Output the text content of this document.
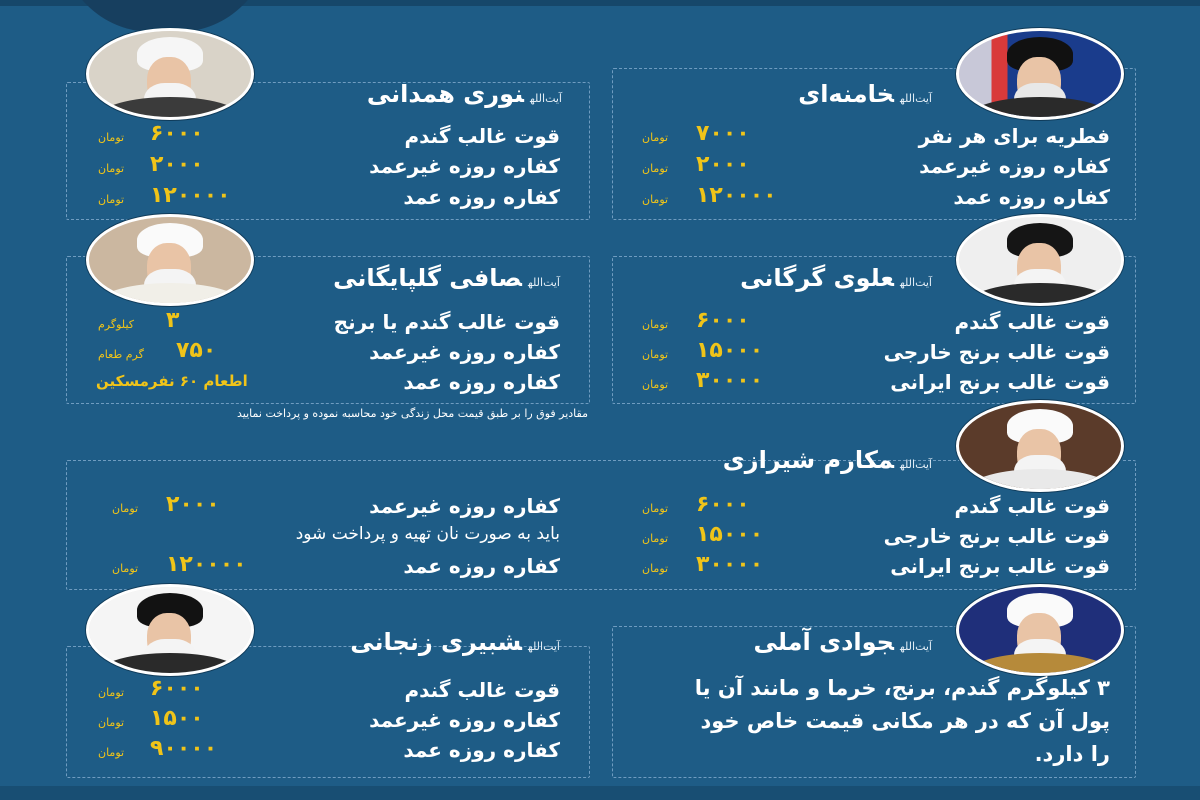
آیت‌اللهخامنه‌ای
فطریه برای هر نفر
کفاره روزه غیرعمد
کفاره روزه عمد
۷۰۰۰
۲۰۰۰
۱۲۰۰۰۰
تومان
تومان
تومان
آیت‌اللهنوری همدانی
قوت غالب گندم
کفاره روزه غیرعمد
کفاره روزه عمد
۶۰۰۰
۲۰۰۰
۱۲۰۰۰۰
تومان
تومان
تومان
آیت‌اللهعلوی گرگانی
قوت غالب گندم
قوت غالب برنج خارجی
قوت غالب برنج ایرانی
۶۰۰۰
۱۵۰۰۰
۳۰۰۰۰
تومان
تومان
تومان
آیت‌اللهصافی گلپایگانی
قوت غالب گندم یا برنج
کفاره روزه غیرعمد
کفاره روزه عمد
۳
کیلوگرم
۷۵۰
گرم طعام
اطعام ۶۰ نفرمسکین
مقادیر فوق را بر طبق قیمت محل زندگی خود محاسبه نموده و پرداخت نمایید
آیت‌اللهمکارم شیرازی
قوت غالب گندم
قوت غالب برنج خارجی
قوت غالب برنج ایرانی
۶۰۰۰
۱۵۰۰۰
۳۰۰۰۰
تومان
تومان
تومان
کفاره روزه غیرعمد
باید به صورت نان تهیه و پرداخت شود
کفاره روزه عمد
۲۰۰۰
۱۲۰۰۰۰
تومان
تومان
آیت‌اللهجوادی آملی
۳ کیلوگرم گندم، برنج، خرما و مانند آن یا پول آن که در هر مکانی قیمت خاص خود را دارد.
آیت‌اللهشبیری زنجانی
قوت غالب گندم
کفاره روزه غیرعمد
کفاره روزه عمد
۶۰۰۰
۱۵۰۰
۹۰۰۰۰
تومان
تومان
تومان
